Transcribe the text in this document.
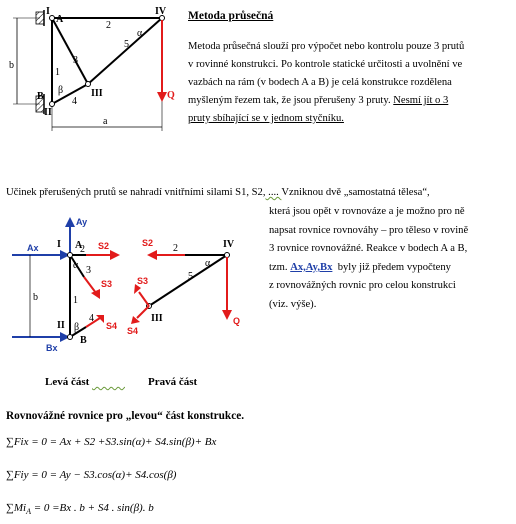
I
A
IV
II
III
B
1
2
3
4
5
α
β
b
a
Q
Metoda průsečná

Metoda průsečná slouží pro výpočet nebo kontrolu pouze 3 prutů

v rovinné konstrukci. Po kontrole statické určitosti a uvolnění ve

vazbách na rám (v bodech A a B) je celá konstrukce rozdělena

myšleným řezem tak, že jsou přerušeny 3 pruty. Nesmí jít o 3

pruty sbíhající se v jednom styčníku.

Učinek přerušených prutů se nahradí vnitřními silami S1, S2, .... Vzniknou dvě „samostatná tělesa“,

která jsou opět v rovnováze a je možno pro ně

napsat rovnice rovnováhy – pro těleso v rovině

3 rovnice rovnovážné. Reakce v bodech A a B,

tzm. Ax,Ay,Bx byly již předem vypočteny

z rovnovážných rovnic pro celou konstrukci

(viz. výše).

Ay
Ax	S2
S3
S4
Bx
I A
II
B
1
2
3
4
α
β
b
S2
S3
S4
Q
IV
III
2
5
α
Levá část
	Pravá část
Rovnovážné rovnice pro „levou“ část konstrukce.
∑Fix = 0 = Ax + S2 +S3.sin(α)+ S4.sin(β)+ Bx
∑Fiy = 0 = Ay − S3.cos(α)+ S4.cos(β)
$\sum Mi_A = 0 =Bx$ . b + S4 . sin(β). b
